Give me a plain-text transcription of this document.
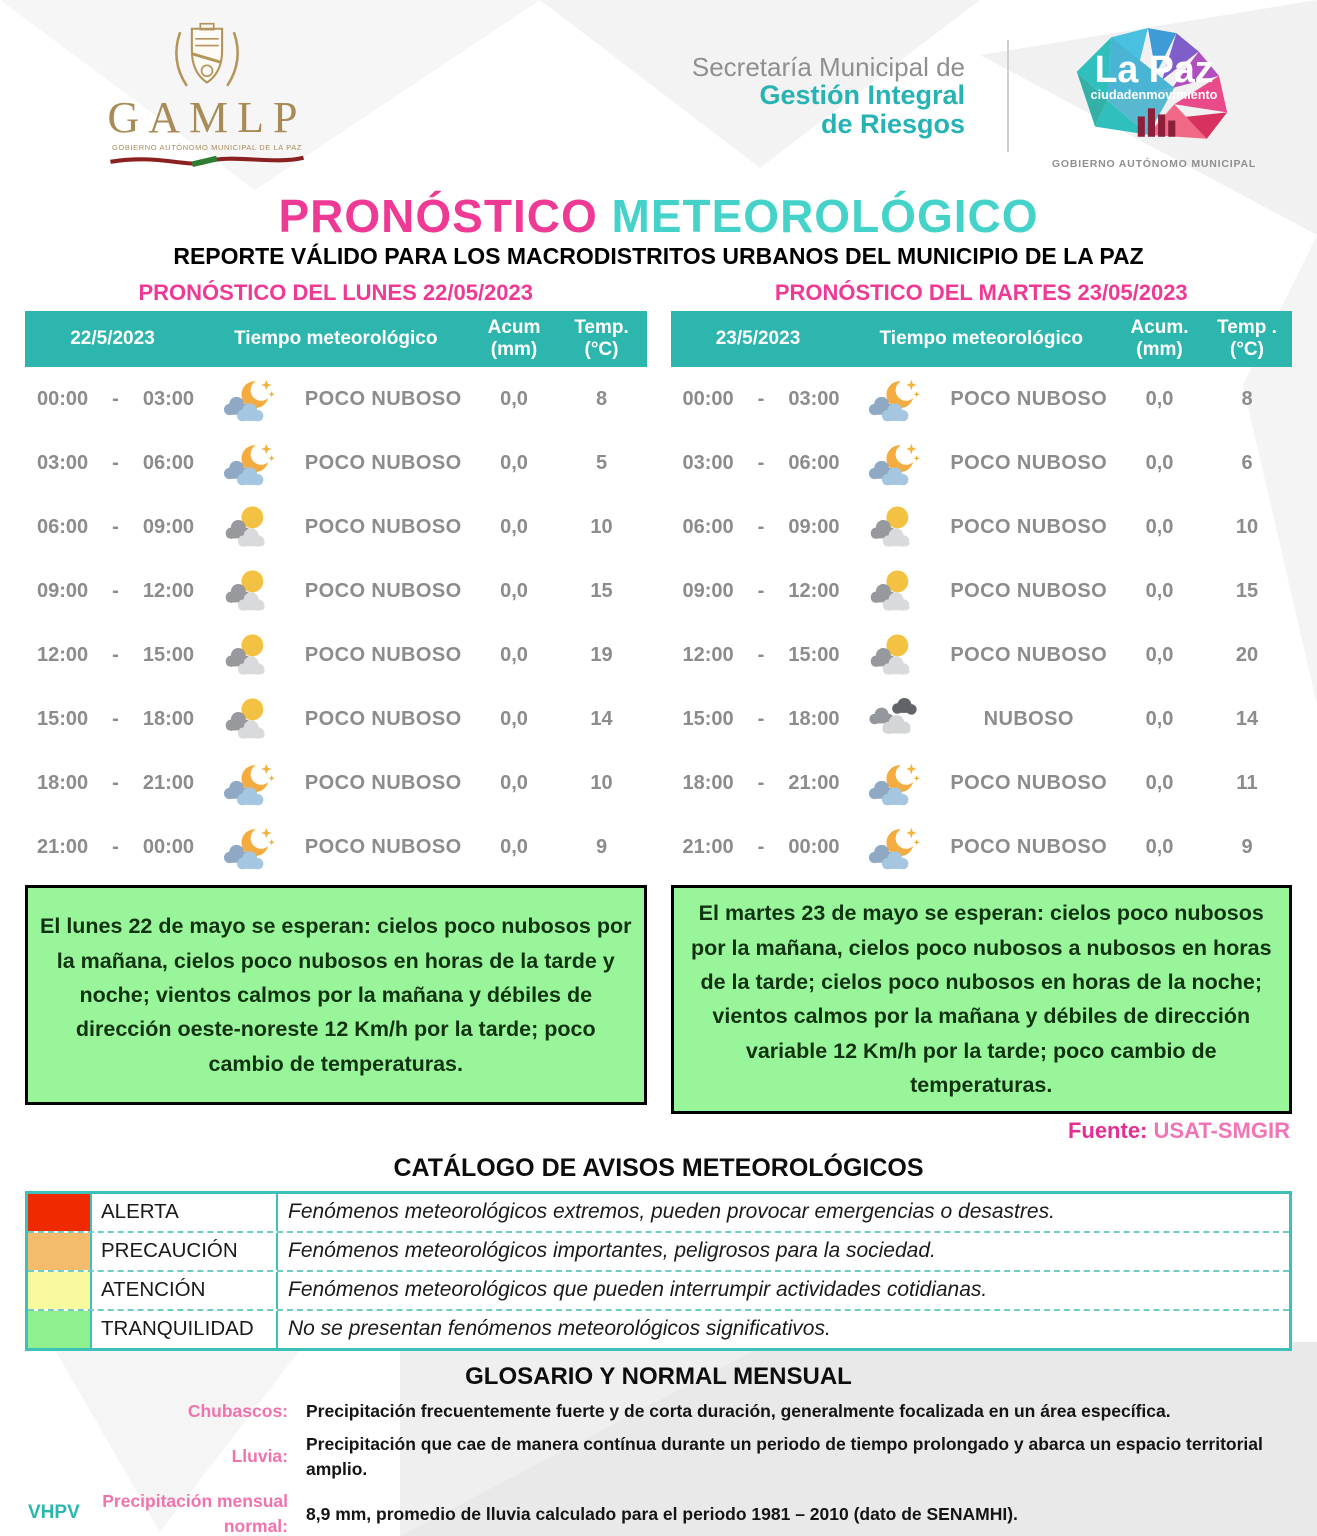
GAMLP
GOBIERNO AUTÓNOMO MUNICIPAL DE LA PAZ
Secretaría Municipal de
Gestión Integral
de Riesgos
La Paz
ciudadenmovimiento
GOBIERNO AUTÓNOMO MUNICIPAL
PRONÓSTICO METEOROLÓGICO
REPORTE VÁLIDO PARA LOS MACRODISTRITOS URBANOS DEL MUNICIPIO DE LA PAZ
PRONÓSTICO DEL LUNES 22/05/2023
22/5/2023	Tiempo meteorológico
Acum
(mm)
Temp.
(°C)
00:00 - 03:00	POCO NUBOSO	0,0	8
03:00 - 06:00	POCO NUBOSO	0,0	5
06:00 - 09:00	POCO NUBOSO	0,0	10
09:00 - 12:00	POCO NUBOSO	0,0	15
12:00 - 15:00	POCO NUBOSO	0,0	19
15:00 - 18:00	POCO NUBOSO	0,0	14
18:00 - 21:00	POCO NUBOSO	0,0	10
21:00 - 00:00	POCO NUBOSO	0,0	9
El lunes 22 de mayo se esperan: cielos poco nubosos por la mañana, cielos poco nubosos en horas de la tarde y noche; vientos calmos por la mañana y débiles de dirección oeste-noreste 12 Km/h por la tarde; poco cambio de temperaturas.
PRONÓSTICO DEL MARTES 23/05/2023
23/5/2023	Tiempo meteorológico
Acum.
(mm)
Temp .
(°C)
00:00 - 03:00	POCO NUBOSO	0,0	8
03:00 - 06:00	POCO NUBOSO	0,0	6
06:00 - 09:00	POCO NUBOSO	0,0	10
09:00 - 12:00	POCO NUBOSO	0,0	15
12:00 - 15:00	POCO NUBOSO	0,0	20
15:00 - 18:00	NUBOSO	0,0	14
18:00 - 21:00	POCO NUBOSO	0,0	11
21:00 - 00:00	POCO NUBOSO	0,0	9
El martes 23 de mayo se esperan: cielos poco nubosos por la mañana, cielos poco nubosos a nubosos en horas de la tarde; cielos poco nubosos en horas de la noche; vientos calmos por la mañana y débiles de dirección variable 12 Km/h por la tarde; poco cambio de temperaturas.
Fuente: USAT-SMGIR
CATÁLOGO DE AVISOS METEOROLÓGICOS
ALERTA	Fenómenos meteorológicos extremos, pueden provocar emergencias o desastres.
PRECAUCIÓN	Fenómenos meteorológicos importantes, peligrosos para la sociedad.
ATENCIÓN	Fenómenos meteorológicos que pueden interrumpir actividades cotidianas.
TRANQUILIDAD	No se presentan fenómenos meteorológicos significativos.
GLOSARIO Y NORMAL MENSUAL
Chubascos: Precipitación frecuentemente fuerte y de corta duración, generalmente focalizada en un área específica.
Lluvia:
Precipitación que cae de manera contínua durante un periodo de tiempo prolongado y abarca un espacio territorial amplio.
Precipitación mensual normal:
8,9 mm, promedio de lluvia calculado para el periodo 1981 – 2010 (dato de SENAMHI).
VHPV
